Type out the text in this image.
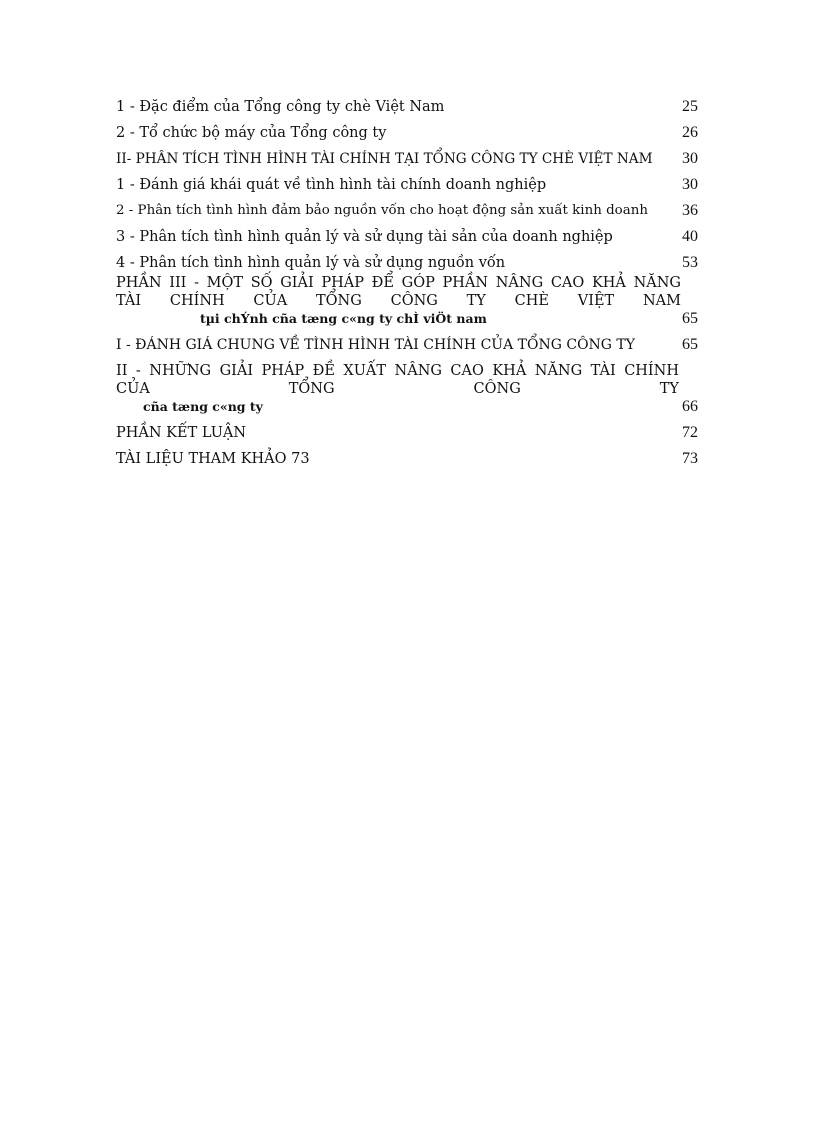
1 - Đặc điểm của Tổng công ty chè Việt Nam	25
2 - Tổ chức bộ máy của Tổng công ty	26
II- PHÂN TÍCH TÌNH HÌNH TÀI CHÍNH TẠI TỔNG CÔNG TY CHÈ VIỆT NAM	30
1 - Đánh giá khái quát về tình hình tài chính doanh nghiệp	30
2 - Phân tích tình hình đảm bảo nguồn vốn cho hoạt động sản xuất kinh doanh	36
3 - Phân tích tình hình quản lý và sử dụng tài sản của doanh nghiệp	40
4 - Phân tích tình hình quản lý và sử dụng nguồn vốn	53
PHẦN III - MỘT SỐ GIẢI PHÁP ĐỂ GÓP PHẦN NÂNG CAO KHẢ NĂNG
TÀI CHÍNH CỦA TỔNG CÔNG TY CHÈ VIỆT NAM
tµi chÝnh cña tæng c«ng ty chÌ viÖt nam	65
I - ĐÁNH GIÁ CHUNG VỀ TÌNH HÌNH TÀI CHÍNH CỦA TỔNG CÔNG TY	65
II - NHỮNG GIẢI PHÁP ĐỀ XUẤT NÂNG CAO KHẢ NĂNG TÀI CHÍNH
CỦA TỔNG CÔNG TY
cña tæng c«ng ty	66
PHẦN KẾT LUẬN	72
TÀI LIỆU THAM KHẢO 73	73
